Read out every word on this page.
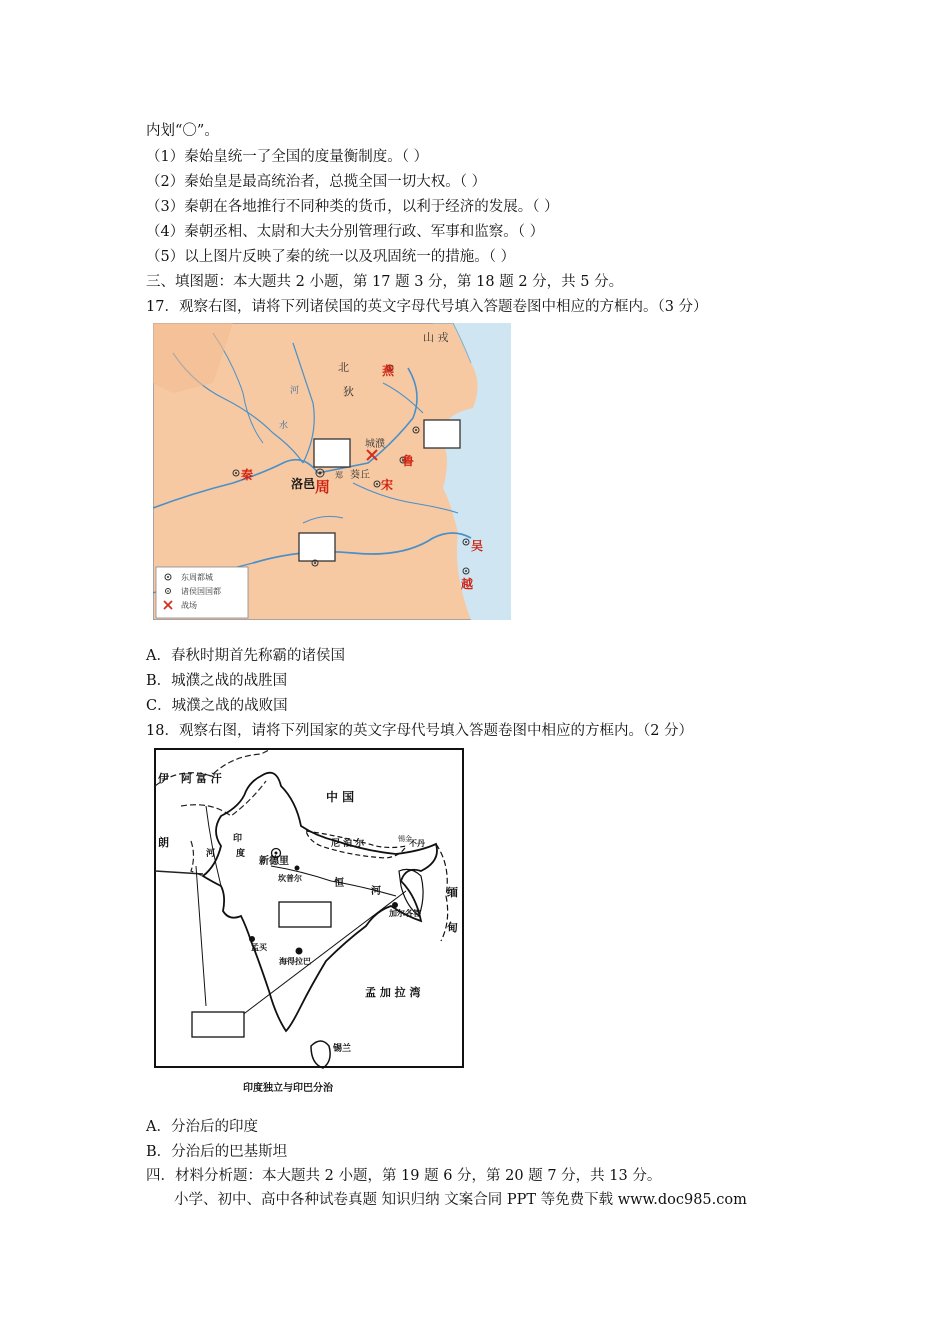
内划“〇”。
（1）秦始皇统一了全国的度量衡制度。（ ）
（2）秦始皇是最高统治者，总揽全国一切大权。（ ）
（3）秦朝在各地推行不同种类的货币，以利于经济的发展。（ ）
（4）秦朝丞相、太尉和大夫分别管理行政、军事和监察。（ ）
（5）以上图片反映了秦的统一以及巩固统一的措施。（ ）
三、填图题：本大题共 2 小题，第 17 题 3 分，第 18 题 2 分，共 5 分。
17．观察右图，请将下列诸侯国的英文字母代号填入答题卷图中相应的方框内。（3 分）
山 戎
北
狄
燕
秦
洛邑 周
郑
城濮
葵丘
鲁
宋
吴
越
河
水
东周都城
诸侯国国都
战场
A．春秋时期首先称霸的诸侯国
B．城濮之战的战胜国
C．城濮之战的战败国
18．观察右图，请将下列国家的英文字母代号填入答题卷图中相应的方框内。（2 分）
伊 阿 富 汗
朗
中 国
新德里
尼 泊 尔	锡金
不丹
坎普尔	恒
河
加尔各答
孟买
海得拉巴
孟 加 拉 湾
锡兰
缅
甸
印
度
河
印度独立与印巴分治
A．分治后的印度
B．分治后的巴基斯坦
四．材料分析题：本大题共 2 小题，第 19 题 6 分，第 20 题 7 分，共 13 分。
小学、初中、高中各种试卷真题 知识归纳 文案合同 PPT 等免费下载 www.doc985.com
